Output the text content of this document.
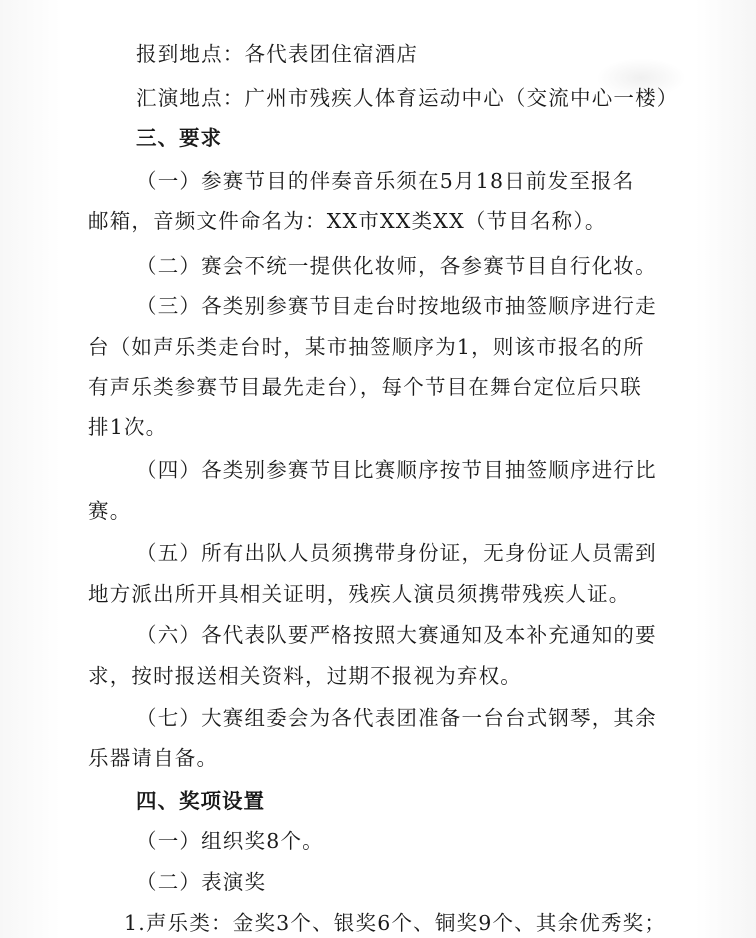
报到地点：各代表团住宿酒店
汇演地点：广州市残疾人体育运动中心（交流中心一楼）
三、要求
（一）参赛节目的伴奏音乐须在5月18日前发至报名
邮箱，音频文件命名为：XX市XX类XX（节目名称）。
（二）赛会不统一提供化妆师，各参赛节目自行化妆。
（三）各类别参赛节目走台时按地级市抽签顺序进行走
台（如声乐类走台时，某市抽签顺序为1，则该市报名的所
有声乐类参赛节目最先走台），每个节目在舞台定位后只联
排1次。
（四）各类别参赛节目比赛顺序按节目抽签顺序进行比
赛。
（五）所有出队人员须携带身份证，无身份证人员需到
地方派出所开具相关证明，残疾人演员须携带残疾人证。
（六）各代表队要严格按照大赛通知及本补充通知的要
求，按时报送相关资料，过期不报视为弃权。
（七）大赛组委会为各代表团准备一台台式钢琴，其余
乐器请自备。
四、奖项设置
（一）组织奖8个。
（二）表演奖
1.声乐类：金奖3个、银奖6个、铜奖9个、其余优秀奖；
